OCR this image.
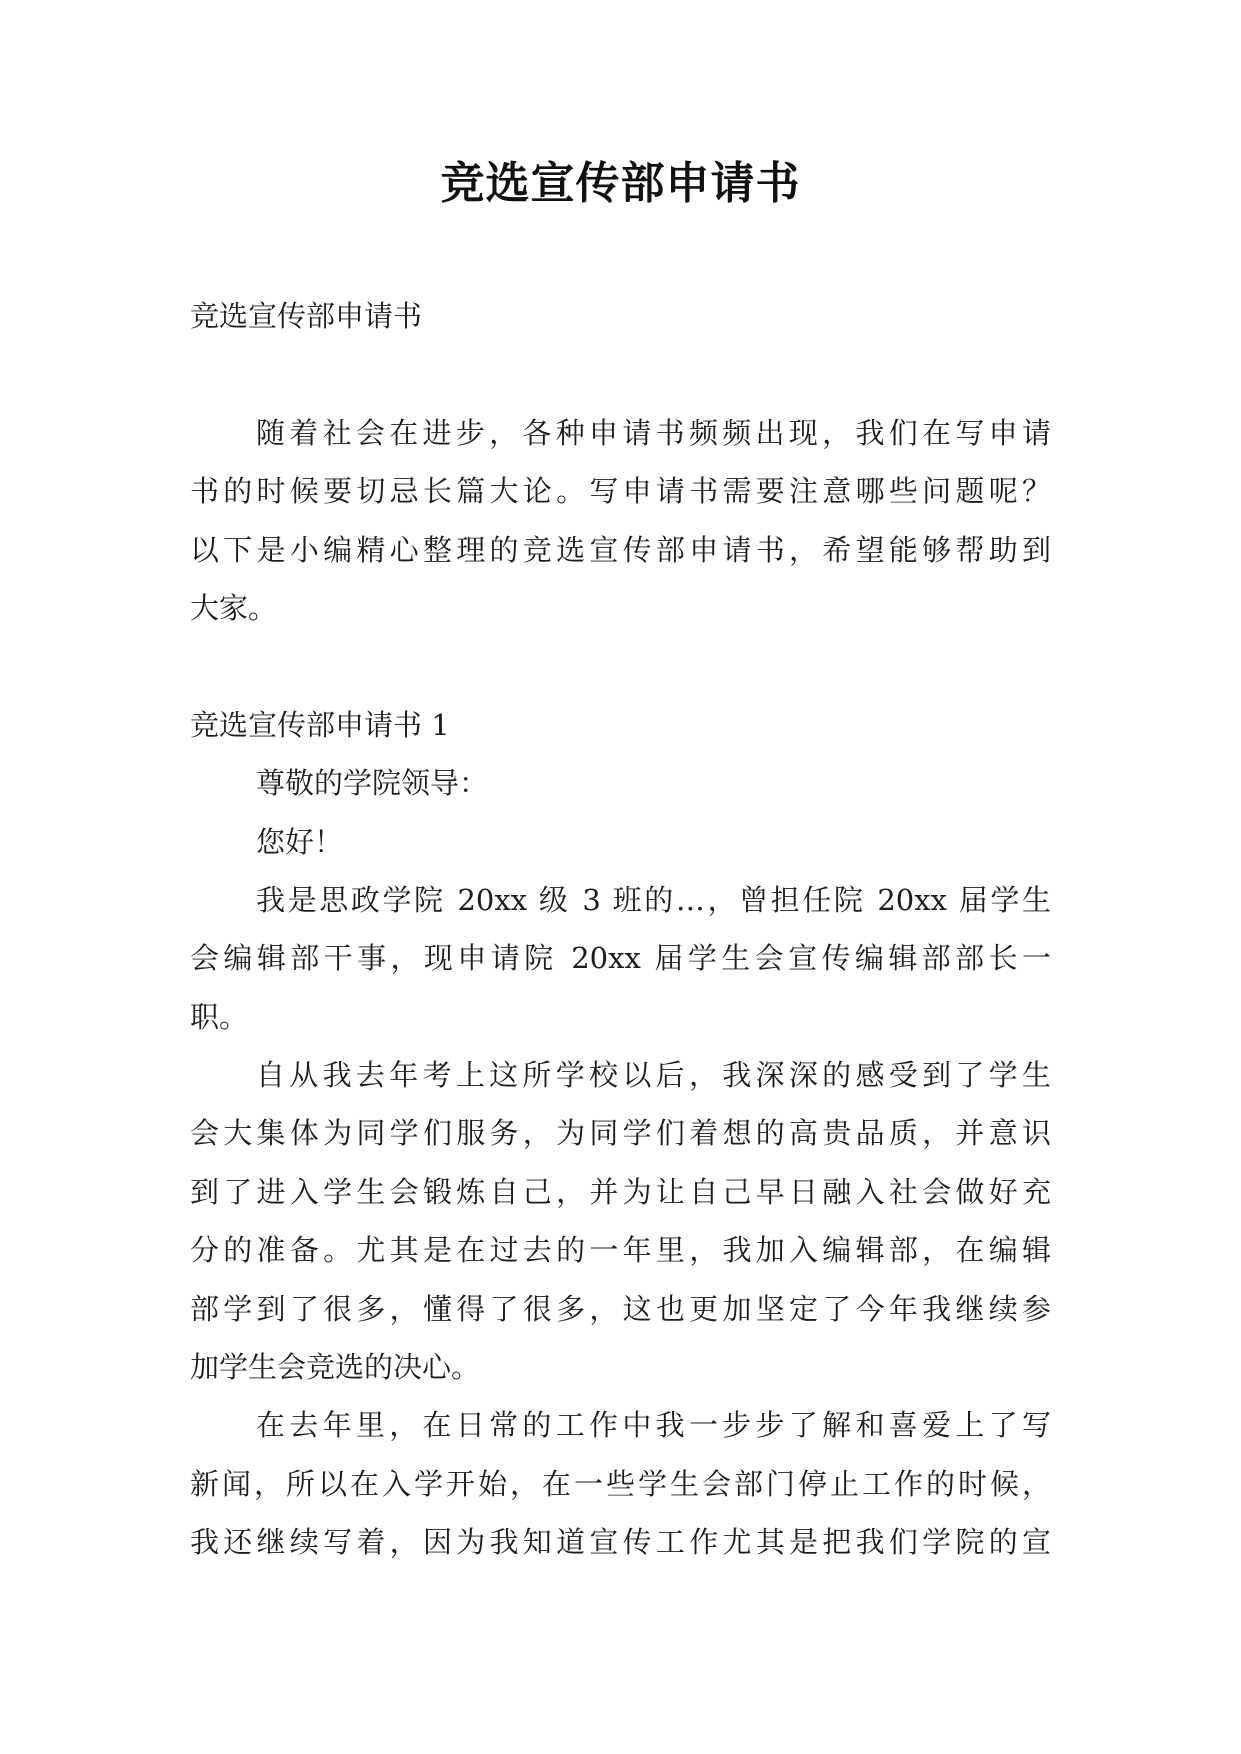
竞选宣传部申请书
竞选宣传部申请书
随着社会在进步，各种申请书频频出现，我们在写申请
书的时候要切忌长篇大论。写申请书需要注意哪些问题呢？
以下是小编精心整理的竞选宣传部申请书，希望能够帮助到
大家。
竞选宣传部申请书 1
尊敬的学院领导：
您好！
我是思政学院 20xx 级 3 班的…，曾担任院 20xx 届学生
会编辑部干事，现申请院 20xx 届学生会宣传编辑部部长一
职。
自从我去年考上这所学校以后，我深深的感受到了学生
会大集体为同学们服务，为同学们着想的高贵品质，并意识
到了进入学生会锻炼自己，并为让自己早日融入社会做好充
分的准备。尤其是在过去的一年里，我加入编辑部，在编辑
部学到了很多，懂得了很多，这也更加坚定了今年我继续参
加学生会竞选的决心。
在去年里，在日常的工作中我一步步了解和喜爱上了写
新闻，所以在入学开始，在一些学生会部门停止工作的时候，
我还继续写着，因为我知道宣传工作尤其是把我们学院的宣
